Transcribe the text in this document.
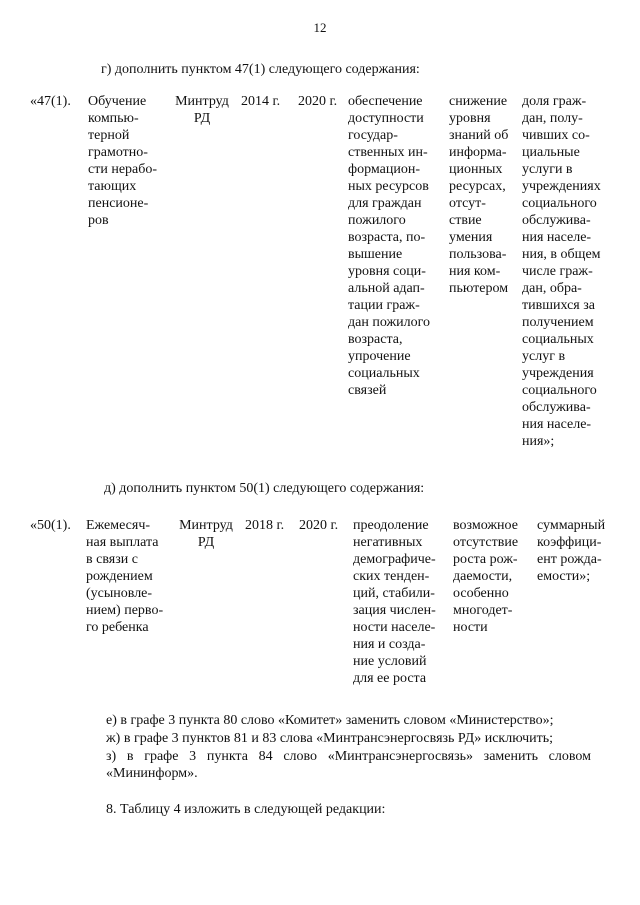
12
г) дополнить пунктом 47(1) следующего содержания:
«47(1). Обучение
компью-
терной
грамотно-
сти нерабо-
тающих
пенсионе-
ров
Минтруд
РД
2014 г. 2020 г. обеспечение
доступности
государ-
ственных ин-
формацион-
ных ресурсов
для граждан
пожилого
возраста, по-
вышение
уровня соци-
альной адап-
тации граж-
дан пожилого
возраста,
упрочение
социальных
связей
снижение
уровня
знаний об
информа-
ционных
ресурсах,
отсут-
ствие
умения
пользова-
ния ком-
пьютером
доля граж-
дан, полу-
чивших со-
циальные
услуги в
учреждениях
социального
обслужива-
ния населе-
ния, в общем
числе граж-
дан, обра-
тившихся за
получением
социальных
услуг в
учреждения
социального
обслужива-
ния населе-
ния»;
д) дополнить пунктом 50(1) следующего содержания:
«50(1). Ежемесяч-
ная выплата
в связи с
рождением
(усыновле-
нием) перво-
го ребенка
Минтруд
РД
2018 г. 2020 г. преодоление
негативных
демографиче-
ских тенден-
ций, стабили-
зация числен-
ности населе-
ния и созда-
ние условий
для ее роста
возможное
отсутствие
роста рож-
даемости,
особенно
многодет-
ности
суммарный
коэффици-
ент рожда-
емости»;
е) в графе 3 пункта 80 слово «Комитет» заменить словом «Министерство»;
ж) в графе 3 пунктов 81 и 83 слова «Минтрансэнергосвязь РД» исключить;
з) в графе 3 пункта 84 слово «Минтрансэнергосвязь» заменить словом
«Мининформ».
8. Таблицу 4 изложить в следующей редакции:
